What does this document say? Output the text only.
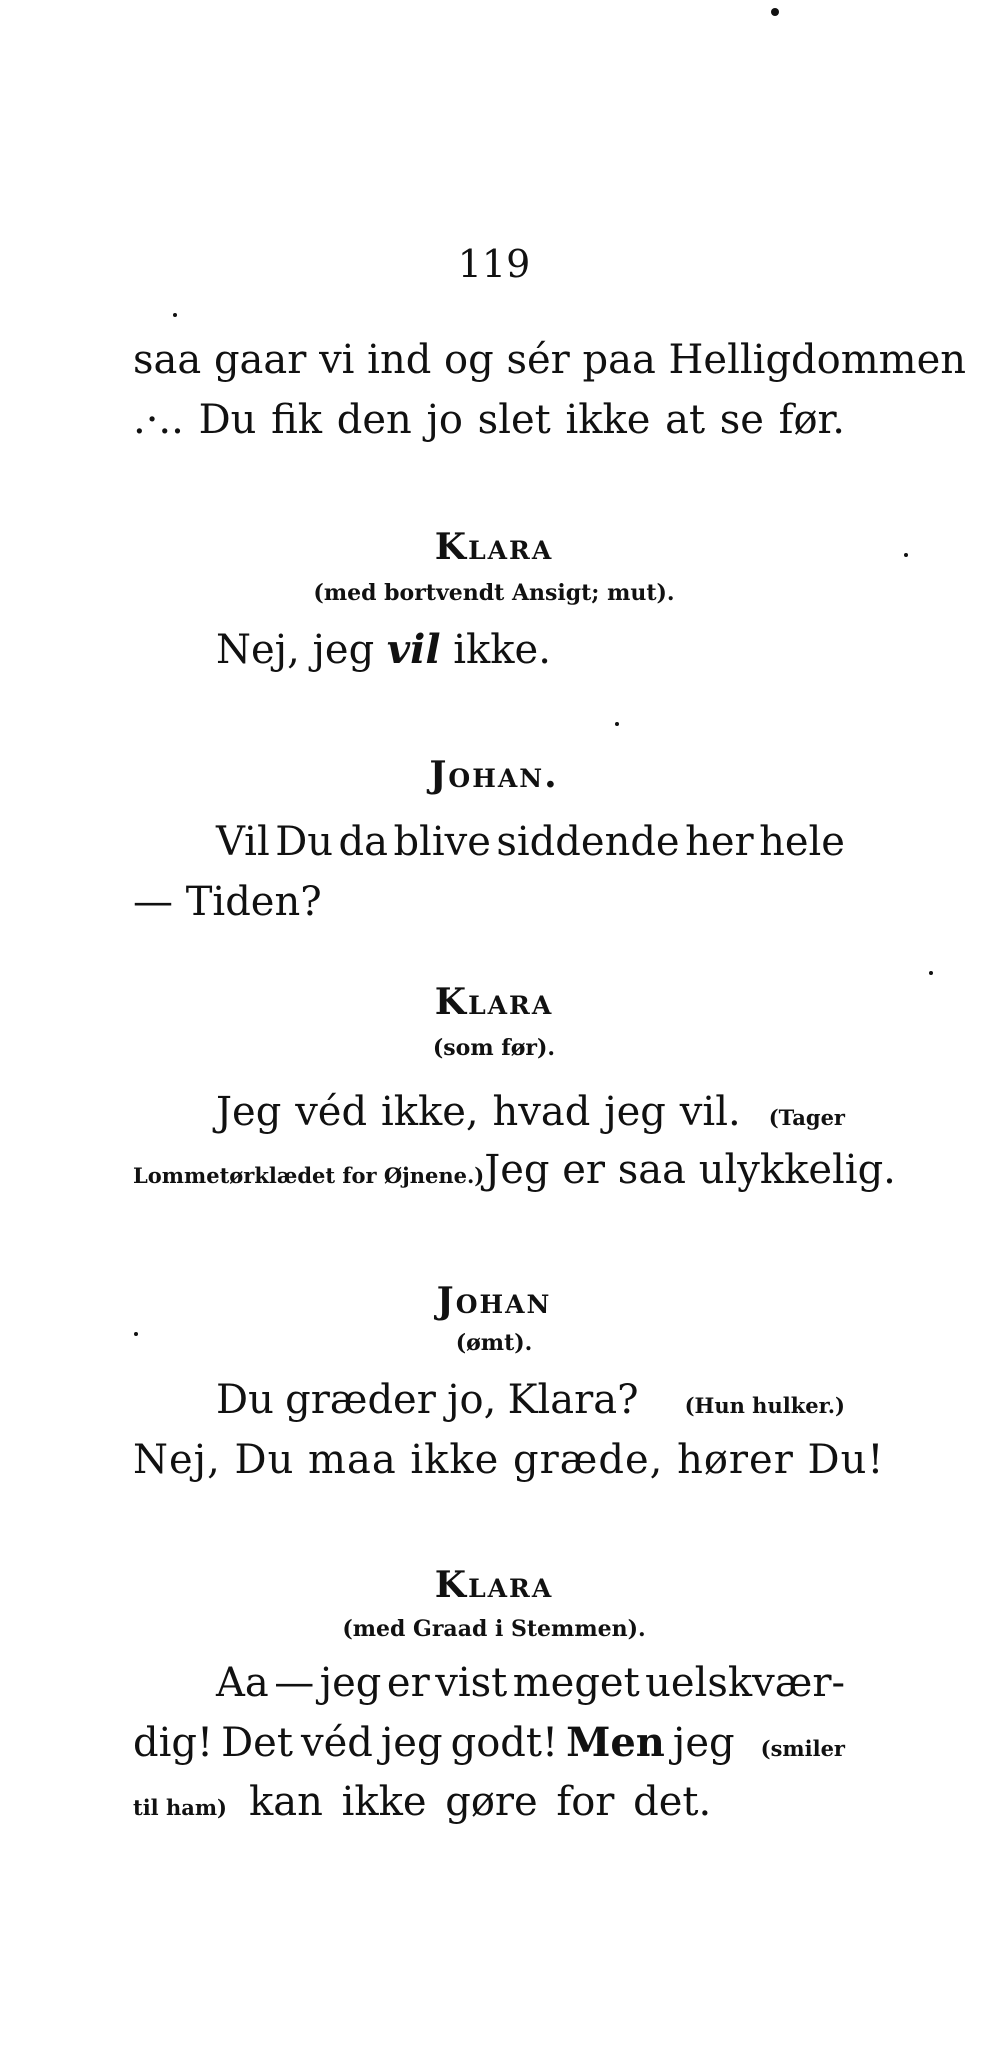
119
saa gaar vi ind og sér paa Helligdommen
.·.. Du fik den jo slet ikke at se før.
Klara
(med bortvendt Ansigt; mut).
Nej, jeg vil ikke.
Johan.
Vil Du da blive siddende her hele
— Tiden?
Klara
(som før).
Jeg véd ikke, hvad jeg vil. (Tager
Lommetørklædet for Øjnene.) Jeg er saa ulykkelig.
Johan
(ømt).
Du græder jo, Klara? (Hun hulker.)
Nej, Du maa ikke græde, hører Du!
Klara
(med Graad i Stemmen).
Aa — jeg er vist meget uelskvær-
dig! Det véd jeg godt! Men jeg (smiler
til ham) kan ikke gøre for det.
